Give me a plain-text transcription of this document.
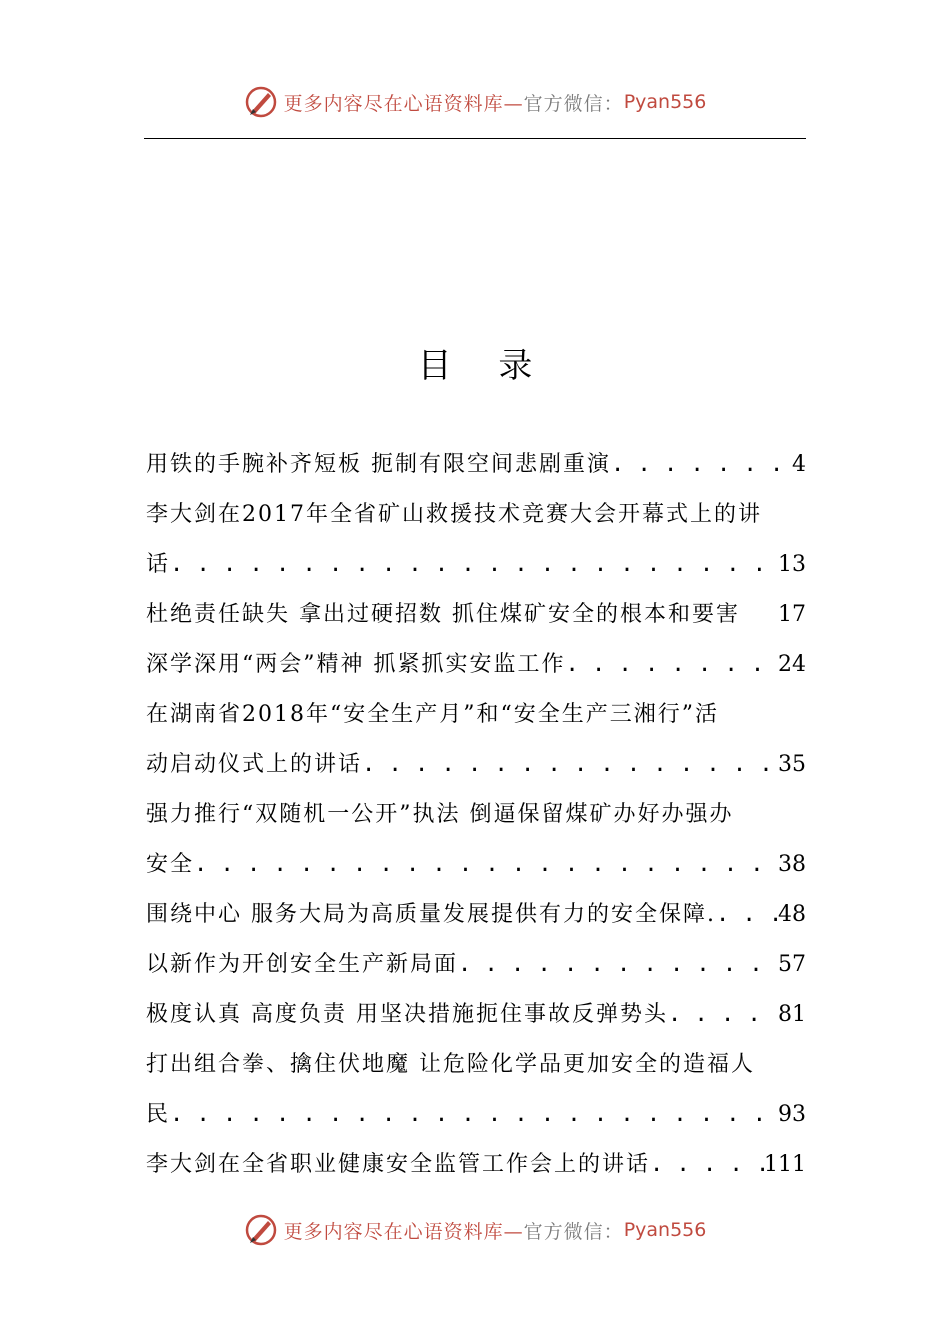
更多内容尽在心语资料库— 官方微信： Pyan556
目 录
用铁的手腕补齐短板 扼制有限空间悲剧重演 . . .	4
李大剑在2017年全省矿山救援技术竞赛大会开幕式上的讲
话 . . .	13
杜绝责任缺失 拿出过硬招数 抓住煤矿安全的根本和要害 17
深学深用“两会”精神 抓紧抓实安监工作 . . .	24
在湖南省2018年“安全生产月”和“安全生产三湘行”活
动启动仪式上的讲话 . . .	35
强力推行“双随机一公开”执法 倒逼保留煤矿办好办强办
安全 . . .	38
围绕中心 服务大局为高质量发展提供有力的安全保障. . . .	48
以新作为开创安全生产新局面 . . .	57
极度认真 高度负责 用坚决措施扼住事故反弹势头 . . .	81
打出组合拳、擒住伏地魔 让危险化学品更加安全的造福人
民 . . .	93
李大剑在全省职业健康安全监管工作会上的讲话 . . .	111
更多内容尽在心语资料库— 官方微信： Pyan556
